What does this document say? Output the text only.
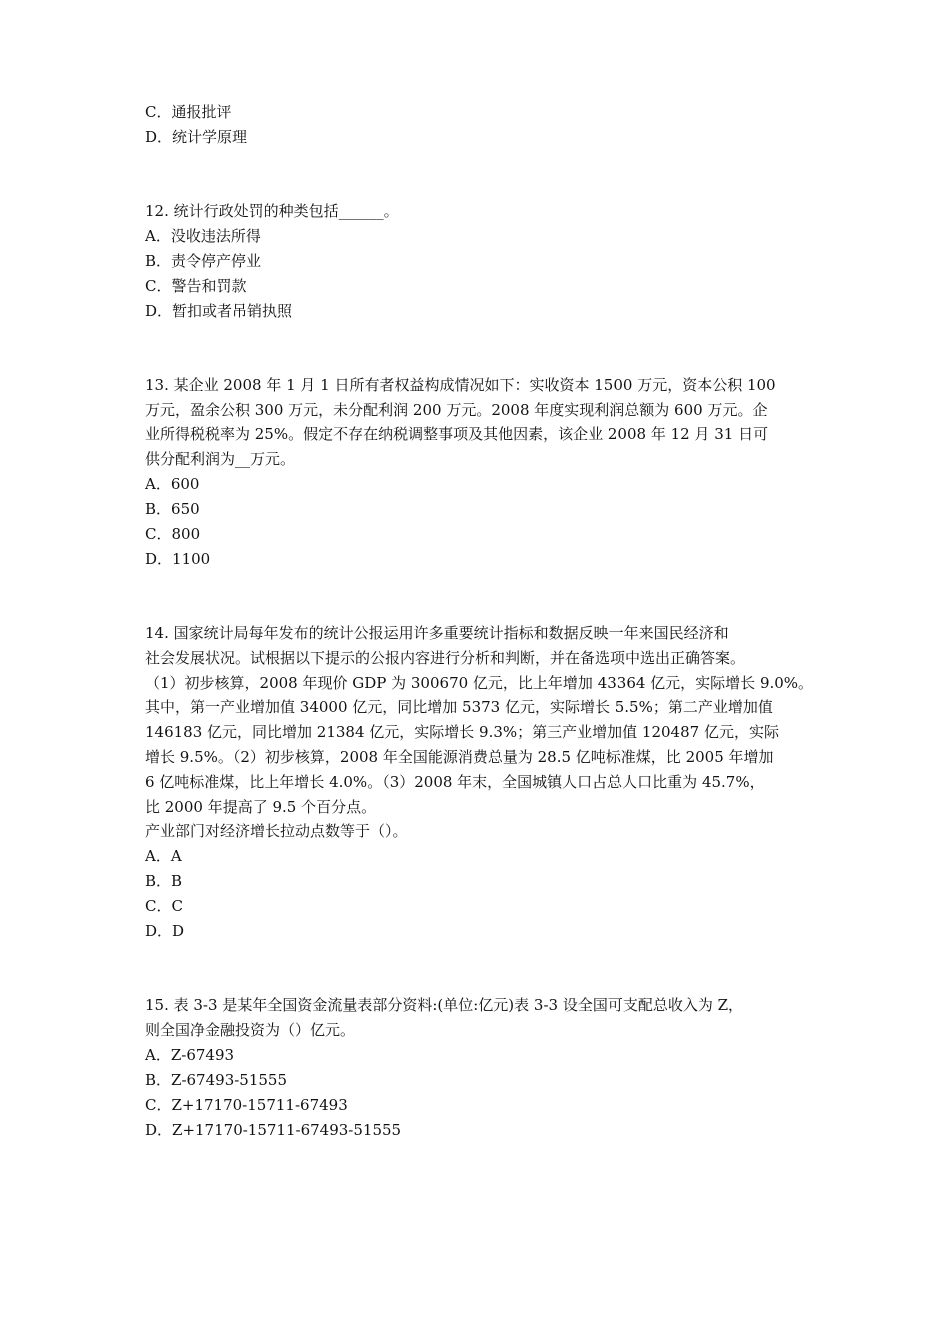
C．通报批评
D．统计学原理
12. 统计行政处罚的种类包括______。
A．没收违法所得
B．责令停产停业
C．警告和罚款
D．暂扣或者吊销执照
13. 某企业 2008 年 1 月 1 日所有者权益构成情况如下：实收资本 1500 万元，资本公积 100
万元，盈余公积 300 万元，未分配利润 200 万元。2008 年度实现利润总额为 600 万元。企
业所得税税率为 25%。假定不存在纳税调整事项及其他因素，该企业 2008 年 12 月 31 日可
供分配利润为__万元。
A．600
B．650
C．800
D．1100
14. 国家统计局每年发布的统计公报运用许多重要统计指标和数据反映一年来国民经济和
社会发展状况。试根据以下提示的公报内容进行分析和判断，并在备选项中选出正确答案。
（1）初步核算，2008 年现价 GDP 为 300670 亿元，比上年增加 43364 亿元，实际增长 9.0%。
其中，第一产业增加值 34000 亿元，同比增加 5373 亿元，实际增长 5.5%；第二产业增加值
146183 亿元，同比增加 21384 亿元，实际增长 9.3%；第三产业增加值 120487 亿元，实际
增长 9.5%。（2）初步核算，2008 年全国能源消费总量为 28.5 亿吨标准煤，比 2005 年增加
6 亿吨标准煤，比上年增长 4.0%。（3）2008 年末，全国城镇人口占总人口比重为 45.7%，
比 2000 年提高了 9.5 个百分点。
产业部门对经济增长拉动点数等于（）。
A．A
B．B
C．C
D．D
15. 表 3-3 是某年全国资金流量表部分资料:(单位:亿元)表 3-3 设全国可支配总收入为 Z，
则全国净金融投资为（）亿元。
A．Z-67493
B．Z-67493-51555
C．Z+17170-15711-67493
D．Z+17170-15711-67493-51555
